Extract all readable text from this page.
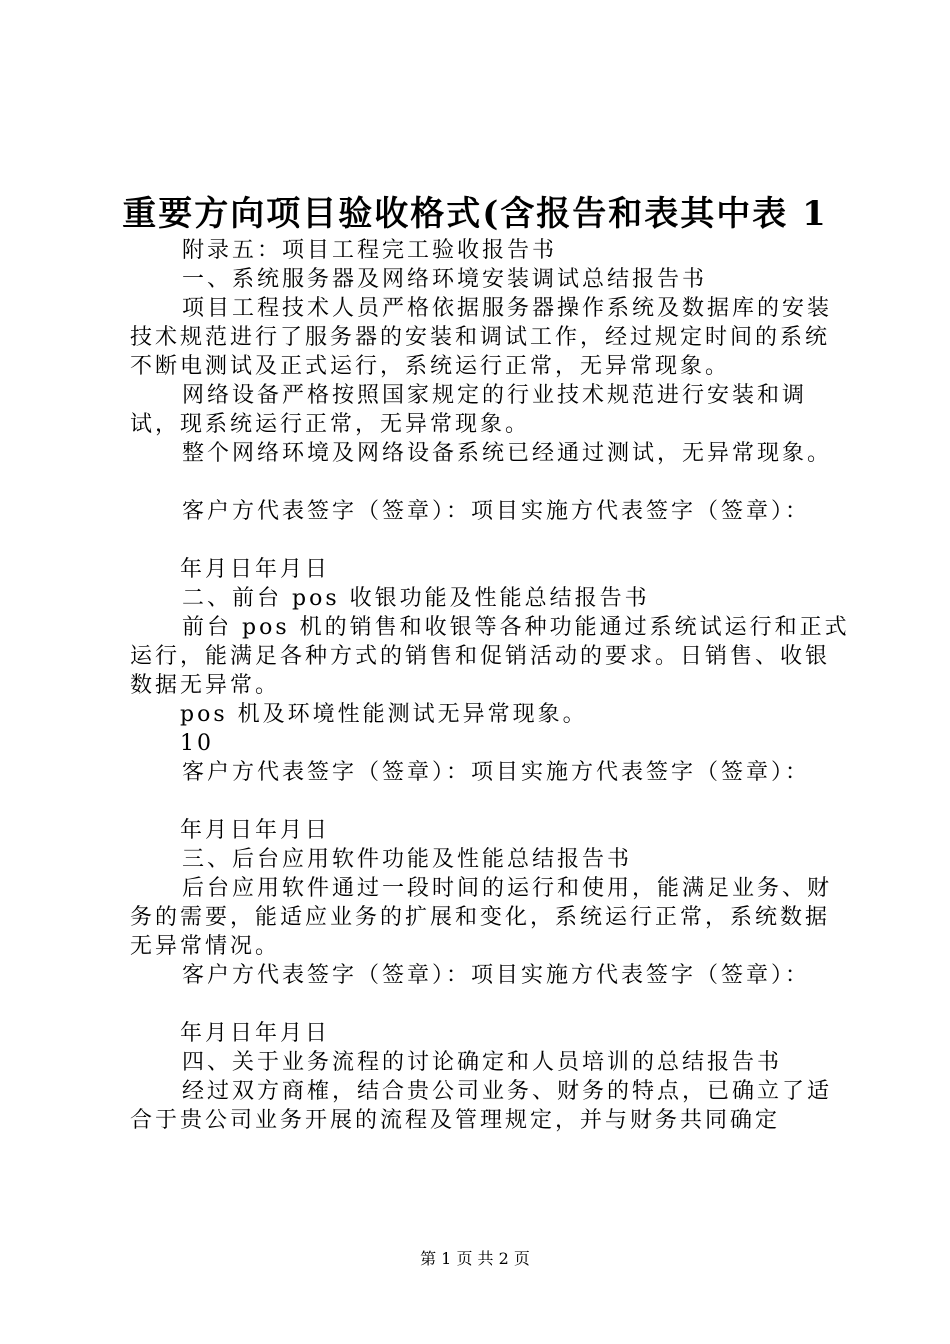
重要方向项目验收格式(含报告和表其中表 1

附录五：项目工程完工验收报告书

一、系统服务器及网络环境安装调试总结报告书

项目工程技术人员严格依据服务器操作系统及数据库的安装技术规范进行了服务器的安装和调试工作，经过规定时间的系统不断电测试及正式运行，系统运行正常，无异常现象。

网络设备严格按照国家规定的行业技术规范进行安装和调试，现系统运行正常，无异常现象。

整个网络环境及网络设备系统已经通过测试，无异常现象。

客户方代表签字（签章）：项目实施方代表签字（签章）：

年月日年月日

二、前台 pos 收银功能及性能总结报告书

前台 pos 机的销售和收银等各种功能通过系统试运行和正式运行，能满足各种方式的销售和促销活动的要求。日销售、收银数据无异常。

pos 机及环境性能测试无异常现象。

10

客户方代表签字（签章）：项目实施方代表签字（签章）：

年月日年月日

三、后台应用软件功能及性能总结报告书

后台应用软件通过一段时间的运行和使用，能满足业务、财务的需要，能适应业务的扩展和变化，系统运行正常，系统数据无异常情况。

客户方代表签字（签章）：项目实施方代表签字（签章）：

年月日年月日

四、关于业务流程的讨论确定和人员培训的总结报告书

经过双方商榷，结合贵公司业务、财务的特点，已确立了适合于贵公司业务开展的流程及管理规定，并与财务共同确定

第 1 页 共 2 页
